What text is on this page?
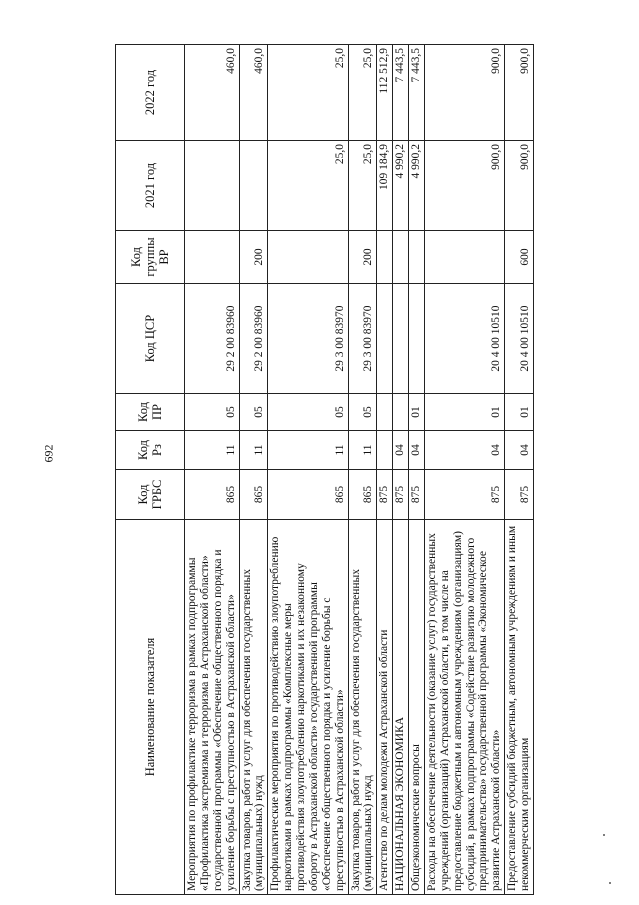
692
Наименование показателя	Код ГРБС	Код Рз	Код ПР	Код ЦСР	Код группы ВР	2021 год	2022 год
Мероприятия по профилактике терроризма в рамках подпрограммы «Профилактика экстремизма и терроризма в Астраханской области» государственной программы «Обеспечение общественного порядка и усиление борьбы с преступностью в Астраханской области»	865	11	05	29 2 00 83960			460,0
Закупка товаров, работ и услуг для обеспечения государственных (муниципальных) нужд	865	11	05	29 2 00 83960	200		460,0
Профилактические мероприятия по противодействию злоупотреблению наркотиками в рамках подпрограммы «Комплексные меры противодействия злоупотреблению наркотиками и их незаконному обороту в Астраханской области» государственной программы «Обеспечение общественного порядка и усиление борьбы с преступностью в Астраханской области»	865	11	05	29 3 00 83970		25,0	25,0
Закупка товаров, работ и услуг для обеспечения государственных (муниципальных) нужд	865	11	05	29 3 00 83970	200	25,0	25,0
Агентство по делам молодежи Астраханской области	875					109 184,9	112 512,9
НАЦИОНАЛЬНАЯ ЭКОНОМИКА	875	04				4 990,2	7 443,5
Общеэкономические вопросы	875	04	01			4 990,2	7 443,5
Расходы на обеспечение деятельности (оказание услуг) государственных учреждений (организаций) Астраханской области, в том числе на предоставление бюджетным и автономным учреждениям (организациям) субсидий, в рамках подпрограммы «Содействие развитию молодежного предпринимательства» государственной программы «Экономическое развитие Астраханской области»	875	04	01	20 4 00 10510		900,0	900,0
Предоставление субсидий бюджетным, автономным учреждениям и иным некоммерческим организациям	875	04	01	20 4 00 10510	600	900,0	900,0
